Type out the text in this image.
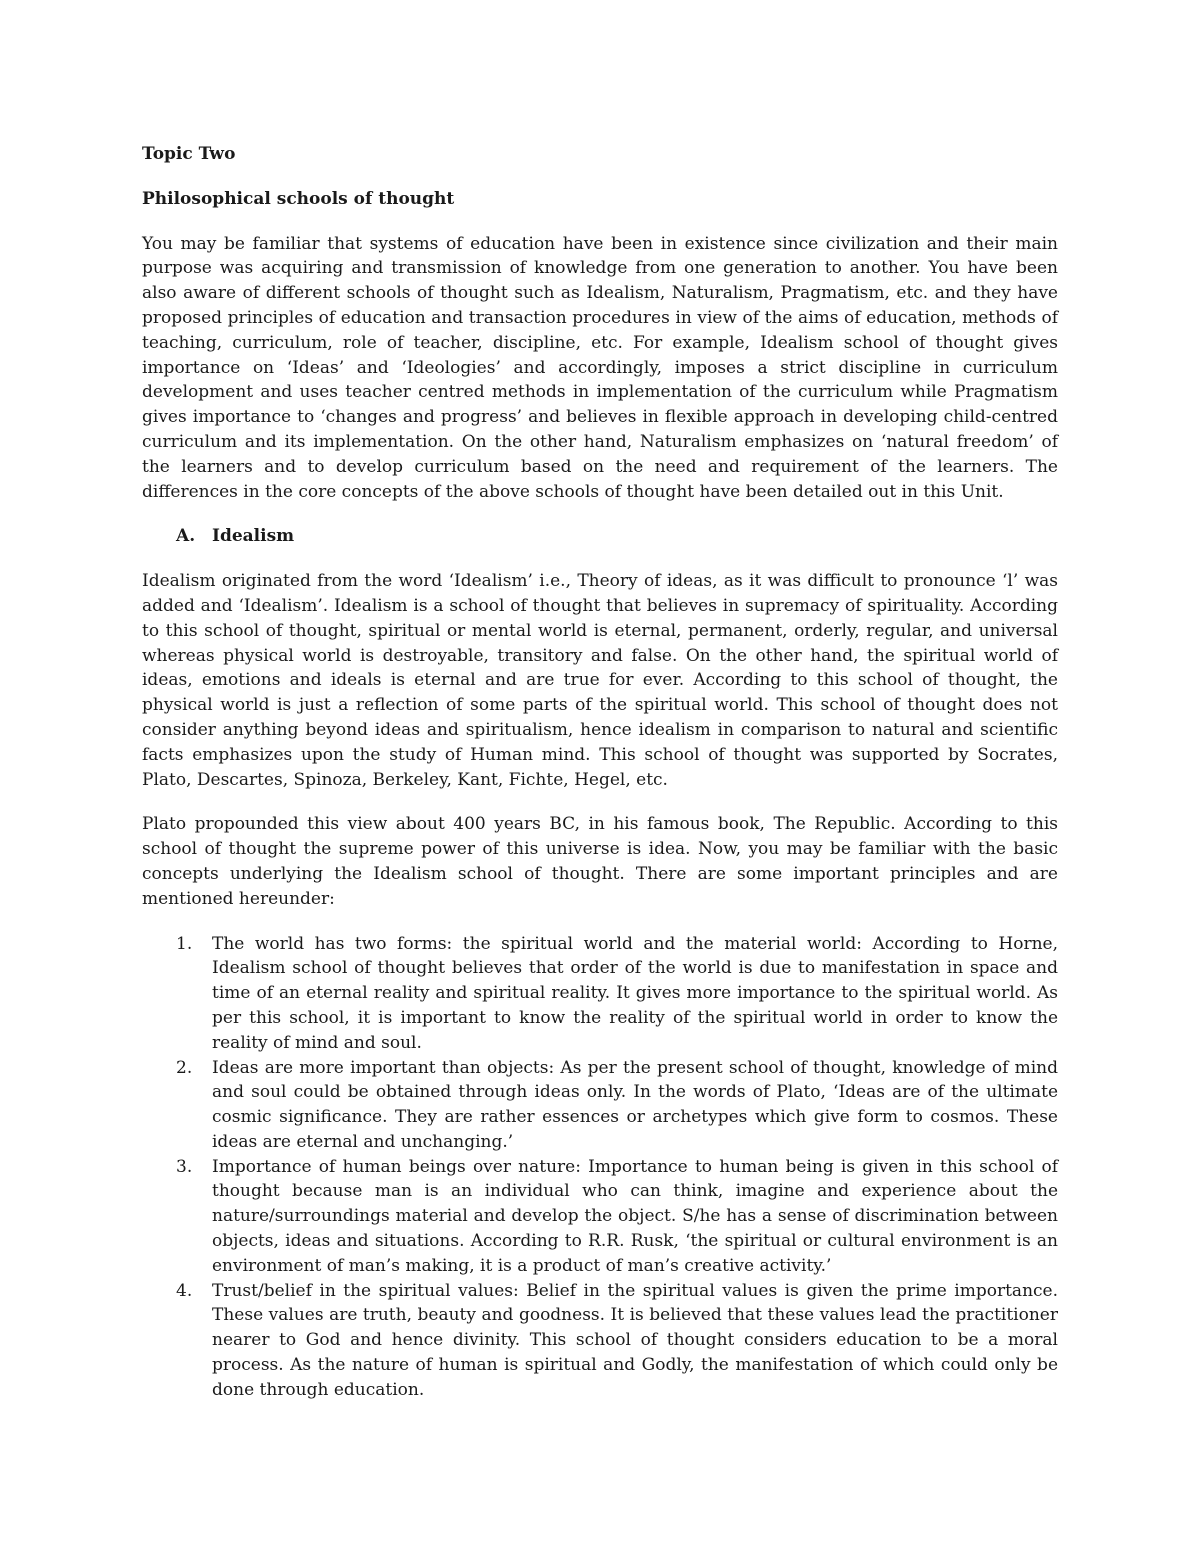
Topic Two
Philosophical schools of thought

You may be familiar that systems of education have been in existence since civilization and their main purpose was acquiring and transmission of knowledge from one generation to another. You have been also aware of different schools of thought such as Idealism, Naturalism, Pragmatism, etc. and they have proposed principles of education and transaction procedures in view of the aims of education, methods of teaching, curriculum, role of teacher, discipline, etc. For example, Idealism school of thought gives importance on ‘Ideas’ and ‘Ideologies’ and accordingly, imposes a strict discipline in curriculum development and uses teacher centred methods in implementation of the curriculum while Pragmatism gives importance to ‘changes and progress’ and believes in flexible approach in developing child-centred curriculum and its implementation. On the other hand, Naturalism emphasizes on ‘natural freedom’ of the learners and to develop curriculum based on the need and requirement of the learners. The differences in the core concepts of the above schools of thought have been detailed out in this Unit.

A. Idealism

Idealism originated from the word ‘Idealism’ i.e., Theory of ideas, as it was difficult to pronounce ‘l’ was added and ‘Idealism’. Idealism is a school of thought that believes in supremacy of spirituality. According to this school of thought, spiritual or mental world is eternal, permanent, orderly, regular, and universal whereas physical world is destroyable, transitory and false. On the other hand, the spiritual world of ideas, emotions and ideals is eternal and are true for ever. According to this school of thought, the physical world is just a reflection of some parts of the spiritual world. This school of thought does not consider anything beyond ideas and spiritualism, hence idealism in comparison to natural and scientific facts emphasizes upon the study of Human mind. This school of thought was supported by Socrates, Plato, Descartes, Spinoza, Berkeley, Kant, Fichte, Hegel, etc.

Plato propounded this view about 400 years BC, in his famous book, The Republic. According to this school of thought the supreme power of this universe is idea. Now, you may be familiar with the basic concepts underlying the Idealism school of thought. There are some important principles and are mentioned hereunder:

1.	The world has two forms: the spiritual world and the material world: According to Horne, Idealism school of thought believes that order of the world is due to manifestation in space and time of an eternal reality and spiritual reality. It gives more importance to the spiritual world. As per this school, it is important to know the reality of the spiritual world in order to know the reality of mind and soul.
2.	Ideas are more important than objects: As per the present school of thought, knowledge of mind and soul could be obtained through ideas only. In the words of Plato, ‘Ideas are of the ultimate cosmic significance. They are rather essences or archetypes which give form to cosmos. These ideas are eternal and unchanging.’
3.	Importance of human beings over nature: Importance to human being is given in this school of thought because man is an individual who can think, imagine and experience about the nature/surroundings material and develop the object. S/he has a sense of discrimination between objects, ideas and situations. According to R.R. Rusk, ‘the spiritual or cultural environment is an environment of man’s making, it is a product of man’s creative activity.’
4.	Trust/belief in the spiritual values: Belief in the spiritual values is given the prime importance. These values are truth, beauty and goodness. It is believed that these values lead the practitioner nearer to God and hence divinity. This school of thought considers education to be a moral process. As the nature of human is spiritual and Godly, the manifestation of which could only be done through education.
